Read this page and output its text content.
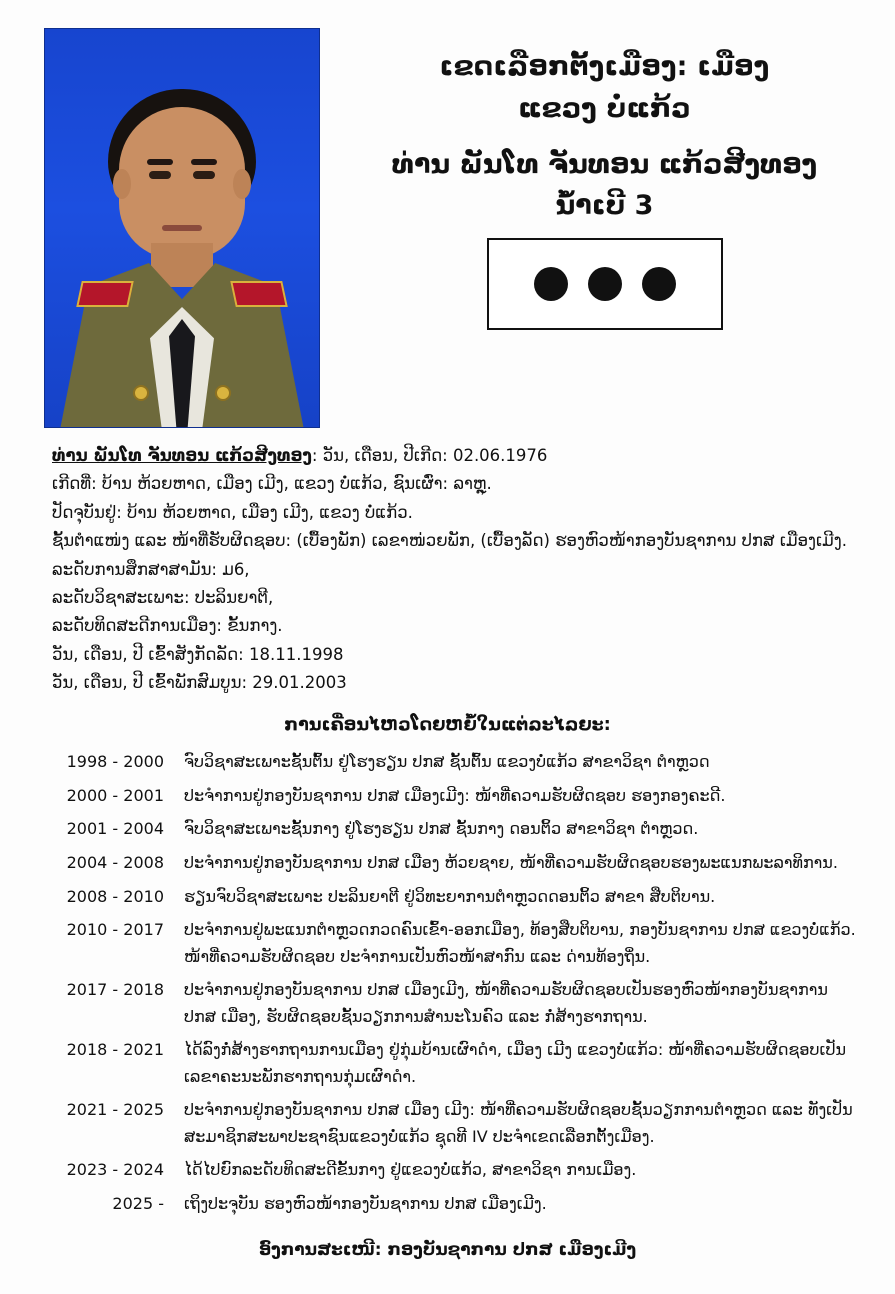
ເຂດເລືອກຕັ້ງເມືອງ: ເມືອງ
ແຂວງ ບໍ່ແກ້ວ
ທ່ານ ພັນໂທ ຈັນທອນ ແກ້ວສີງທອງ
ນ້ຳເບີ 3
ທ່ານ ພັນໂທ ຈັນທອນ ແກ້ວສີງທອງ: ວັນ, ເດືອນ, ປີເກີດ: 02.06.1976
ເກີດທີ່: ບ້ານ ຫ້ວຍຫາດ, ເມືອງ ເມີງ, ແຂວງ ບໍ່ແກ້ວ, ຊົນເຜົ່າ: ລາຫຼຸ.
ປັດຈຸບັນຢູ່: ບ້ານ ຫ້ວຍຫາດ, ເມືອງ ເມີງ, ແຂວງ ບໍ່ແກ້ວ.
ຊັ້ນຕຳແໜ່ງ ແລະ ໜ້າທີ່ຮັບຜິດຊອບ: (ເບື້ອງພັກ) ເລຂາໜ່ວຍພັກ, (ເບື້ອງລັດ) ຮອງຫົວໜ້າກອງບັນຊາການ ປກສ ເມືອງເມີງ.
ລະດັບການສຶກສາສາມັນ: ມ6,
ລະດັບວິຊາສະເພາະ: ປະລິນຍາຕີ,
ລະດັບທິດສະດີການເມືອງ: ຂັ້ນກາງ.
ວັນ, ເດືອນ, ປີ ເຂົ້າສັງກັດລັດ: 18.11.1998
ວັນ, ເດືອນ, ປີ ເຂົ້າພັກສົມບູນ: 29.01.2003
ການເຄື່ອນໄຫວໂດຍຫຍໍ້ໃນແຕ່ລະໄລຍະ:
1998 - 2000	ຈົບວິຊາສະເພາະຊັ້ນຕົ້ນ ຢູ່ໂຮງຮຽນ ປກສ ຊັ້ນຕົ້ນ ແຂວງບໍ່ແກ້ວ ສາຂາວິຊາ ຕຳຫຼວດ
2000 - 2001	ປະຈຳການຢູ່ກອງບັນຊາການ ປກສ ເມືອງເມີງ: ໜ້າທີ່ຄວາມຮັບຜິດຊອບ ຮອງກອງຄະດີ.
2001 - 2004	ຈົບວິຊາສະເພາະຊັ້ນກາງ ຢູ່ໂຮງຮຽນ ປກສ ຊັ້ນກາງ ດອນຕິ້ວ ສາຂາວິຊາ ຕຳຫຼວດ.
2004 - 2008	ປະຈຳການຢູ່ກອງບັນຊາການ ປກສ ເມືອງ ຫ້ວຍຊາຍ, ໜ້າທີ່ຄວາມຮັບຜິດຊອບຮອງພະແນກພະລາທິການ.
2008 - 2010	ຮຽນຈົບວິຊາສະເພາະ ປະລິນຍາຕີ ຢູ່ວິທະຍາການຕຳຫຼວດດອນຕິ້ວ ສາຂາ ສືບຕິບານ.
2010 - 2017	ປະຈຳການຢູ່ພະແນກຕຳຫຼວດກວດຄົນເຂົ້າ-ອອກເມືອງ, ທ້ອງສືບຕິບານ, ກອງບັນຊາການ ປກສ ແຂວງບໍ່ແກ້ວ. ໜ້າທີ່ຄວາມຮັບຜິດຊອບ ປະຈຳການເປັນຫົວໜ້າສາກົນ ແລະ ດ່ານທ້ອງຖິ່ນ.
2017 - 2018	ປະຈຳການຢູ່ກອງບັນຊາການ ປກສ ເມືອງເມີງ, ໜ້າທີ່ຄວາມຮັບຜິດຊອບເປັນຮອງຫົວໜ້າກອງບັນຊາການ ປກສ ເມືອງ, ຮັບຜິດຊອບຊັ້ນວຽກການສຳນະໂນຄົວ ແລະ ກໍ່ສ້າງຮາກຖານ.
2018 - 2021	ໄດ້ລົງກໍ່ສ້າງຮາກຖານການເມືອງ ຢູ່ກຸ່ມບ້ານເຜົາດຳ, ເມືອງ ເມີງ ແຂວງບໍ່ແກ້ວ: ໜ້າທີ່ຄວາມຮັບຜິດຊອບເປັນ ເລຂາຄະນະພັກຮາກຖານກຸ່ມເຜົາດຳ.
2021 - 2025	ປະຈຳການຢູ່ກອງບັນຊາການ ປກສ ເມືອງ ເມີງ: ໜ້າທີ່ຄວາມຮັບຜິດຊອບຊັ້ນວຽກການຕຳຫຼວດ ແລະ ທັງເປັນ ສະມາຊິກສະພາປະຊາຊົນແຂວງບໍ່ແກ້ວ ຊຸດທີ IV ປະຈຳເຂດເລືອກຕັ້ງເມືອງ.
2023 - 2024	ໄດ້ໄປຍົກລະດັບທິດສະດີຂັ້ນກາງ ຢູ່ແຂວງບໍ່ແກ້ວ, ສາຂາວິຊາ ການເມືອງ.
2025 -	ເຖິງປະຈຸບັນ ຮອງຫົວໜ້າກອງບັນຊາການ ປກສ ເມືອງເມີງ.
ອົງການສະເໜີ: ກອງບັນຊາການ ປກສ ເມືອງເມີງ
